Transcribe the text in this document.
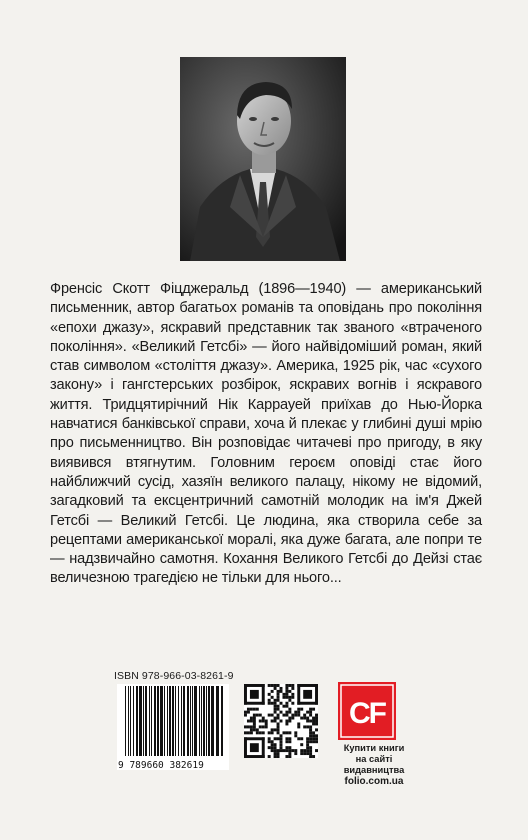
Френсіс Скотт Фіцджеральд (1896—1940) — американський письменник, автор багатьох романів та оповідань про покоління «епохи джазу», яскравий представник так званого «втраченого покоління». «Великий Гетсбі» — його найвідоміший роман, який став символом «століття джазу». Америка, 1925 рік, час «сухого закону» і гангстерських розбірок, яскравих вогнів і яскравого життя. Тридцятирічний Нік Каррауей приїхав до Нью-Йорка навчатися банківської справи, хоча й плекає у глибині душі мрію про письменництво. Він розповідає читачеві про пригоду, в яку виявився втягнутим. Головним героєм оповіді стає його найближчий сусід, хазяїн великого палацу, нікому не відомий, загадковий та ексцентричний самотній молодик на ім'я Джей Гетсбі — Великий Гетсбі. Це людина, яка створила себе за рецептами американської моралі, яка дуже багата, але попри те — надзвичайно самотня. Кохання Великого Гетсбі до Дейзі стає величезною трагедією не тільки для нього...

ISBN 978-966-03-8261-9
9 789660 382619
CF
Купити книги
на сайті
видавництва
folio.com.ua
